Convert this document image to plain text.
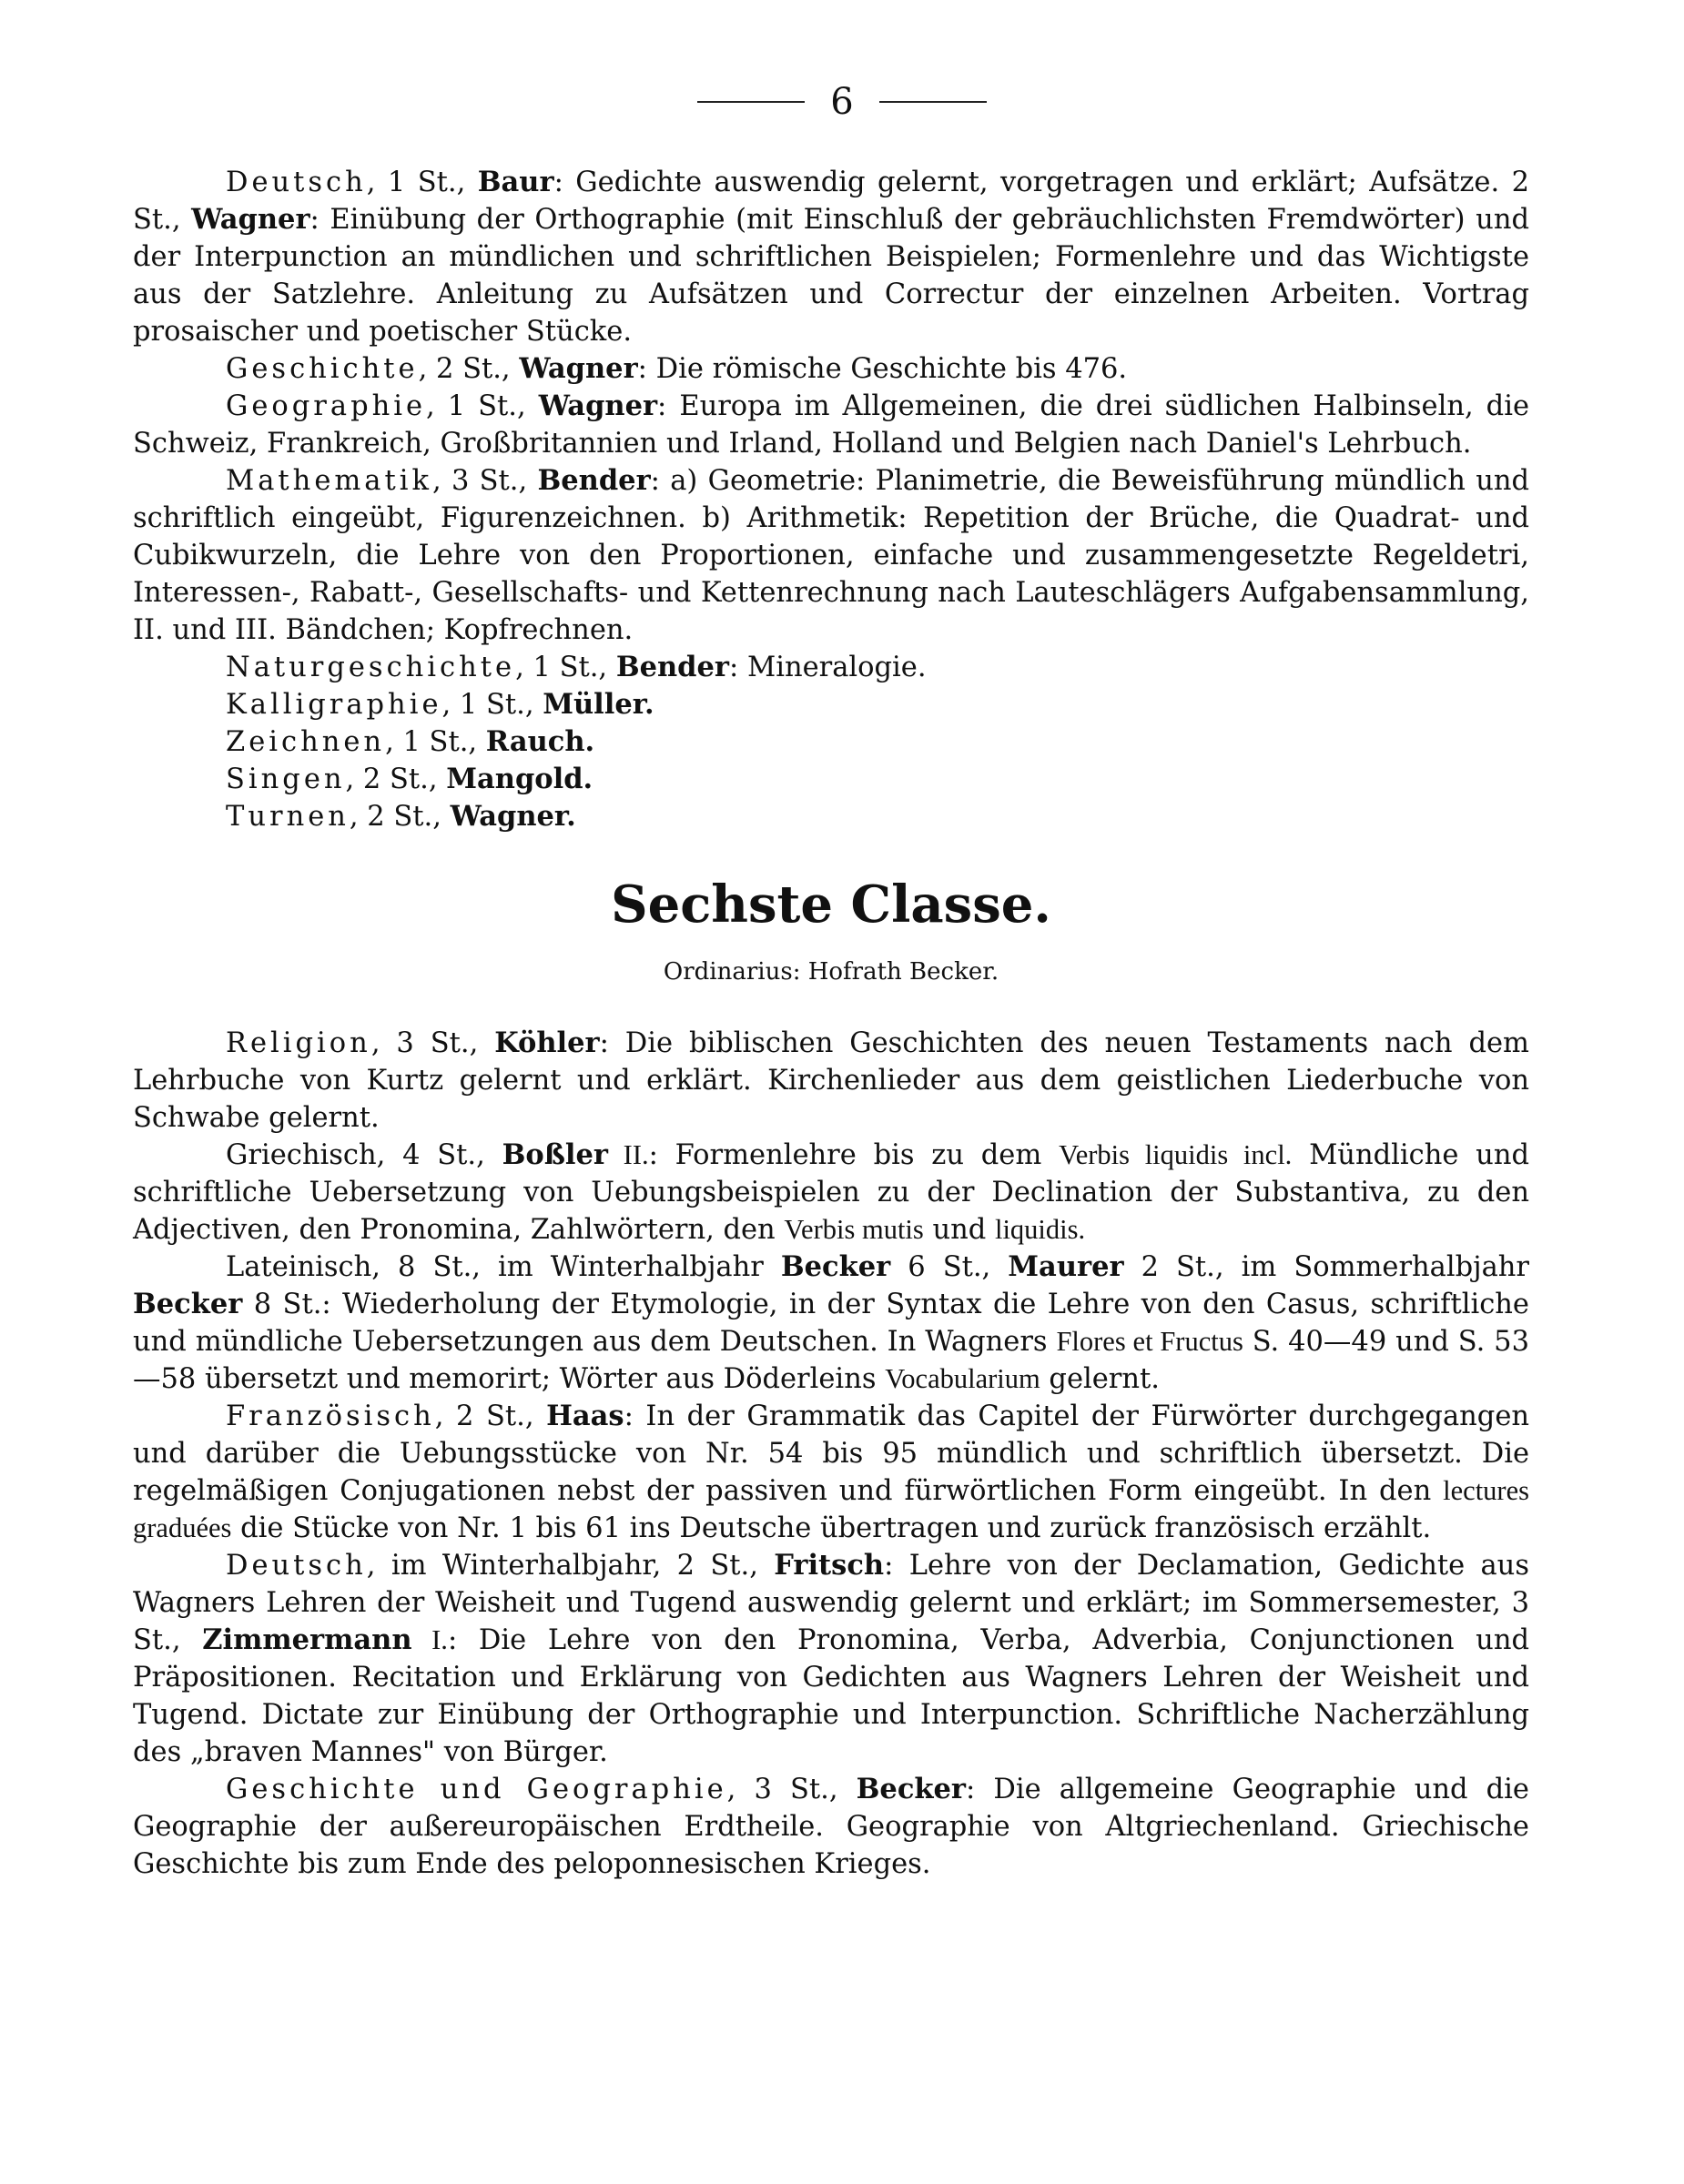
6

Deutsch, 1 St., Baur: Gedichte auswendig gelernt, vorgetragen und erklärt; Aufsätze. 2 St., Wagner: Einübung der Orthographie (mit Einschluß der gebräuchlichsten Fremdwörter) und der Interpunction an mündlichen und schriftlichen Beispielen; Formenlehre und das Wichtigste aus der Satzlehre. Anleitung zu Aufsätzen und Correctur der einzelnen Arbeiten. Vortrag prosaischer und poetischer Stücke.

Geschichte, 2 St., Wagner: Die römische Geschichte bis 476.

Geographie, 1 St., Wagner: Europa im Allgemeinen, die drei südlichen Halbinseln, die Schweiz, Frankreich, Großbritannien und Irland, Holland und Belgien nach Daniel's Lehrbuch.

Mathematik, 3 St., Bender: a) Geometrie: Planimetrie, die Beweisführung mündlich und schriftlich eingeübt, Figurenzeichnen. b) Arithmetik: Repetition der Brüche, die Quadrat- und Cubikwurzeln, die Lehre von den Proportionen, einfache und zusammengesetzte Regeldetri, Interessen-, Rabatt-, Gesellschafts- und Kettenrechnung nach Lauteschlägers Aufgabensammlung, II. und III. Bändchen; Kopfrechnen.

Naturgeschichte, 1 St., Bender: Mineralogie.

Kalligraphie, 1 St., Müller.

Zeichnen, 1 St., Rauch.

Singen, 2 St., Mangold.

Turnen, 2 St., Wagner.

Sechste Classe.
Ordinarius: Hofrath Becker.

Religion, 3 St., Köhler: Die biblischen Geschichten des neuen Testaments nach dem Lehrbuche von Kurtz gelernt und erklärt. Kirchenlieder aus dem geistlichen Liederbuche von Schwabe gelernt.

Griechisch, 4 St., Boßler II.: Formenlehre bis zu dem Verbis liquidis incl. Mündliche und schriftliche Uebersetzung von Uebungsbeispielen zu der Declination der Substantiva, zu den Adjectiven, den Pronomina, Zahlwörtern, den Verbis mutis und liquidis.

Lateinisch, 8 St., im Winterhalbjahr Becker 6 St., Maurer 2 St., im Sommerhalbjahr Becker 8 St.: Wiederholung der Etymologie, in der Syntax die Lehre von den Casus, schriftliche und mündliche Uebersetzungen aus dem Deutschen. In Wagners Flores et Fructus S. 40—49 und S. 53—58 übersetzt und memorirt; Wörter aus Döderleins Vocabularium gelernt.

Französisch, 2 St., Haas: In der Grammatik das Capitel der Fürwörter durchgegangen und darüber die Uebungsstücke von Nr. 54 bis 95 mündlich und schriftlich übersetzt. Die regelmäßigen Conjugationen nebst der passiven und fürwörtlichen Form eingeübt. In den lectures graduées die Stücke von Nr. 1 bis 61 ins Deutsche übertragen und zurück französisch erzählt.

Deutsch, im Winterhalbjahr, 2 St., Fritsch: Lehre von der Declamation, Gedichte aus Wagners Lehren der Weisheit und Tugend auswendig gelernt und erklärt; im Sommersemester, 3 St., Zimmermann I.: Die Lehre von den Pronomina, Verba, Adverbia, Conjunctionen und Präpositionen. Recitation und Erklärung von Gedichten aus Wagners Lehren der Weisheit und Tugend. Dictate zur Einübung der Orthographie und Interpunction. Schriftliche Nacherzählung des „braven Mannes" von Bürger.

Geschichte und Geographie, 3 St., Becker: Die allgemeine Geographie und die Geographie der außereuropäischen Erdtheile. Geographie von Altgriechenland. Griechische Geschichte bis zum Ende des peloponnesischen Krieges.
